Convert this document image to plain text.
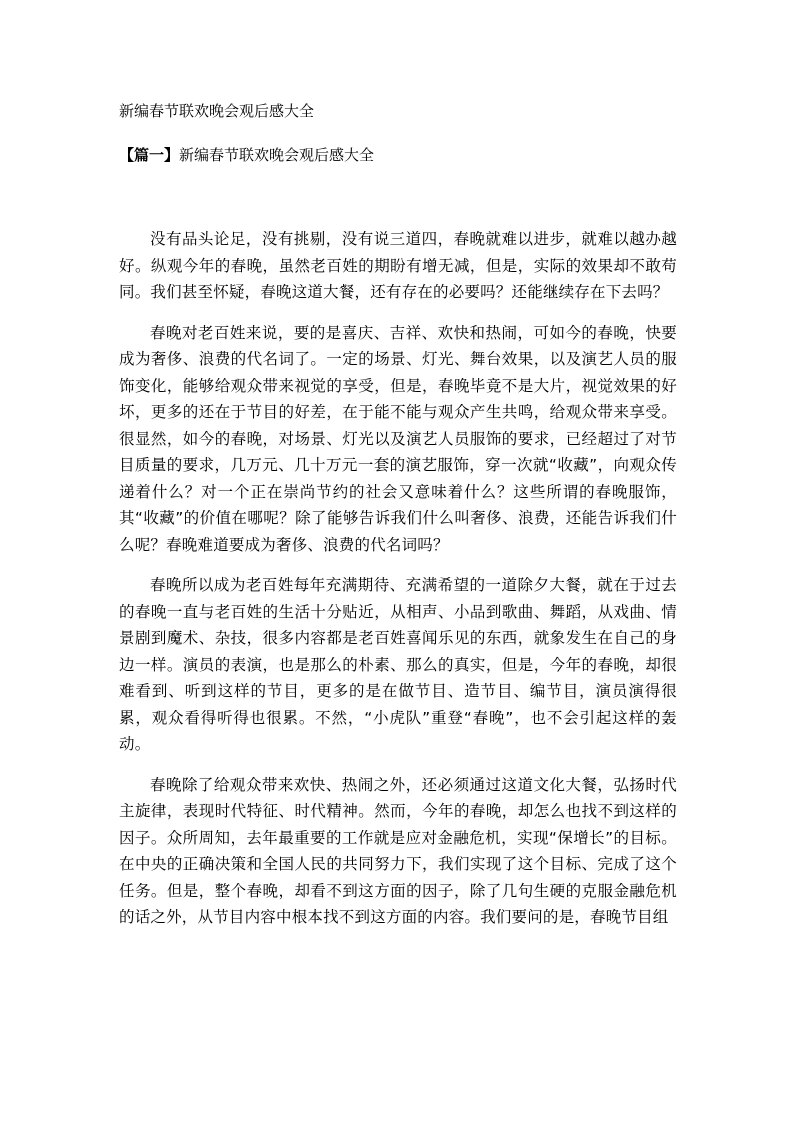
新编春节联欢晚会观后感大全
【篇一】新编春节联欢晚会观后感大全

没有品头论足，没有挑剔，没有说三道四，春晚就难以进步，就难以越办越好。纵观今年的春晚，虽然老百姓的期盼有增无减，但是，实际的效果却不敢苟同。我们甚至怀疑，春晚这道大餐，还有存在的必要吗？还能继续存在下去吗？

春晚对老百姓来说，要的是喜庆、吉祥、欢快和热闹，可如今的春晚，快要成为奢侈、浪费的代名词了。一定的场景、灯光、舞台效果，以及演艺人员的服饰变化，能够给观众带来视觉的享受，但是，春晚毕竟不是大片，视觉效果的好坏，更多的还在于节目的好差，在于能不能与观众产生共鸣，给观众带来享受。很显然，如今的春晚，对场景、灯光以及演艺人员服饰的要求，已经超过了对节目质量的要求，几万元、几十万元一套的演艺服饰，穿一次就“收藏”，向观众传递着什么？对一个正在崇尚节约的社会又意味着什么？这些所谓的春晚服饰，其“收藏”的价值在哪呢？除了能够告诉我们什么叫奢侈、浪费，还能告诉我们什么呢？春晚难道要成为奢侈、浪费的代名词吗？

春晚所以成为老百姓每年充满期待、充满希望的一道除夕大餐，就在于过去的春晚一直与老百姓的生活十分贴近，从相声、小品到歌曲、舞蹈，从戏曲、情景剧到魔术、杂技，很多内容都是老百姓喜闻乐见的东西，就象发生在自己的身边一样。演员的表演，也是那么的朴素、那么的真实，但是，今年的春晚，却很难看到、听到这样的节目，更多的是在做节目、造节目、编节目，演员演得很累，观众看得听得也很累。不然，“小虎队”重登“春晚”，也不会引起这样的轰动。

春晚除了给观众带来欢快、热闹之外，还必须通过这道文化大餐，弘扬时代主旋律，表现时代特征、时代精神。然而，今年的春晚，却怎么也找不到这样的因子。众所周知，去年最重要的工作就是应对金融危机，实现“保增长”的目标。在中央的正确决策和全国人民的共同努力下，我们实现了这个目标、完成了这个任务。但是，整个春晚，却看不到这方面的因子，除了几句生硬的克服金融危机的话之外，从节目内容中根本找不到这方面的内容。我们要问的是，春晚节目组
